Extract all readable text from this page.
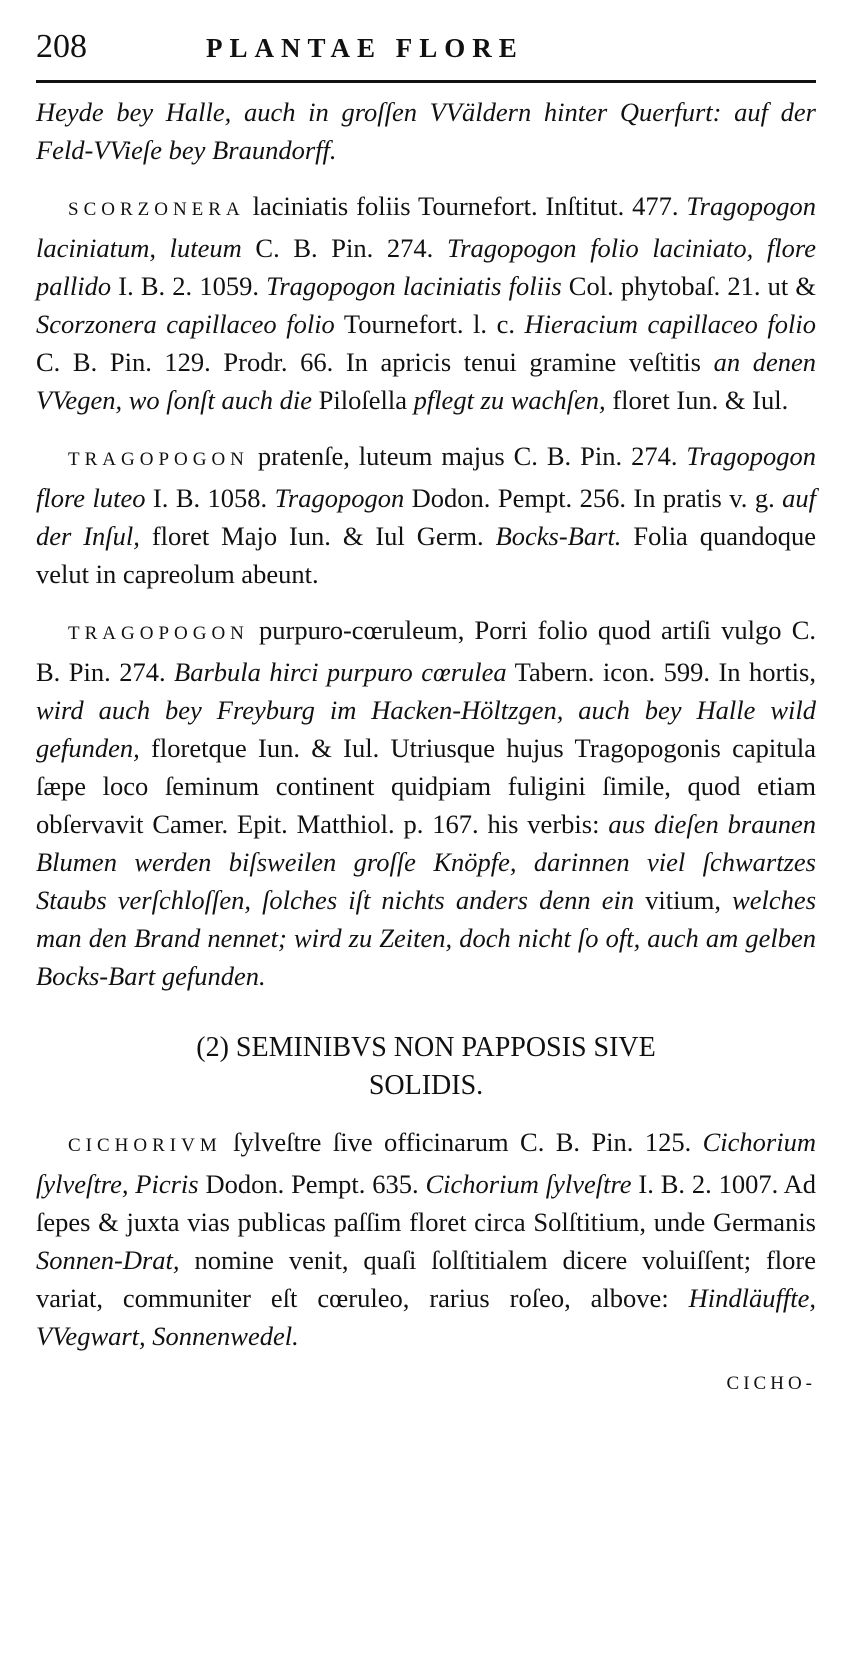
208	PLANTAE FLORE

Heyde bey Halle, auch in groſſen VVäldern hinter Querfurt: auf der Feld-VVieſe bey Braundorff.

SCORZONERA laciniatis foliis Tournefort. Inſtitut. 477. Tragopogon laciniatum, luteum C. B. Pin. 274. Tragopogon folio laciniato, flore pallido I. B. 2. 1059. Tragopogon laciniatis foliis Col. phytobaſ. 21. ut & Scorzonera capillaceo folio Tournefort. l. c. Hieracium capillaceo folio C. B. Pin. 129. Prodr. 66. In apricis tenui gramine veſtitis an denen VVegen, wo ſonſt auch die Piloſella pflegt zu wachſen, floret Iun. & Iul.

TRAGOPOGON pratenſe, luteum majus C. B. Pin. 274. Tragopogon flore luteo I. B. 1058. Tragopogon Dodon. Pempt. 256. In pratis v. g. auf der Inſul, floret Majo Iun. & Iul Germ. Bocks-Bart. Folia quandoque velut in capreolum abeunt.

TRAGOPOGON purpuro-cœruleum, Porri folio quod artiſi vulgo C. B. Pin. 274. Barbula hirci purpuro cœrulea Tabern. icon. 599. In hortis, wird auch bey Freyburg im Hacken-Höltzgen, auch bey Halle wild gefunden, floretque Iun. & Iul. Utriusque hujus Tragopogonis capitula ſæpe loco ſeminum continent quidpiam fuligini ſimile, quod etiam obſervavit Camer. Epit. Matthiol. p. 167. his verbis: aus dieſen braunen Blumen werden biſsweilen groſſe Knöpfe, darinnen viel ſchwartzes Staubs verſchloſſen, ſolches iſt nichts anders denn ein vitium, welches man den Brand nennet; wird zu Zeiten, doch nicht ſo oft, auch am gelben Bocks-Bart gefunden.

(2) SEMINIBVS NON PAPPOSIS SIVE
SOLIDIS.

CICHORIVM ſylveſtre ſive officinarum C. B. Pin. 125. Cichorium ſylveſtre, Picris Dodon. Pempt. 635. Cichorium ſylveſtre I. B. 2. 1007. Ad ſepes & juxta vias publicas paſſim floret circa Solſtitium, unde Germanis Sonnen-Drat, nomine venit, quaſi ſolſtitialem dicere voluiſſent; flore variat, communiter eſt cœruleo, rarius roſeo, albove: Hindläuffte, VVegwart, Sonnenwedel.

CICHO-
